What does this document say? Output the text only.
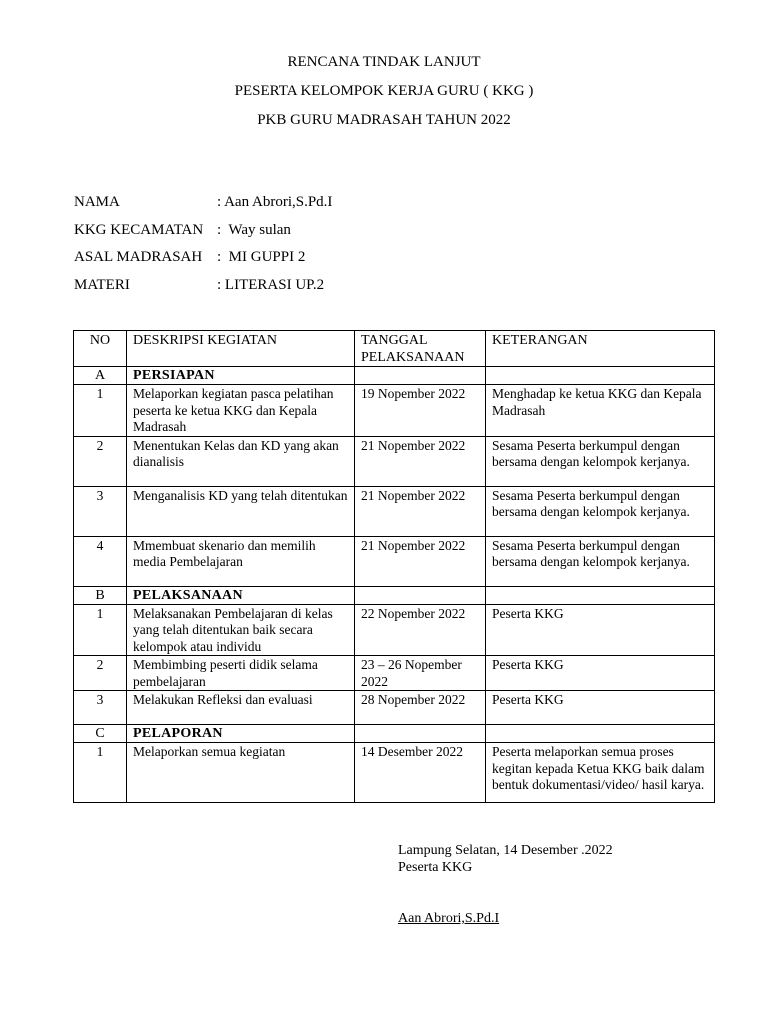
RENCANA TINDAK LANJUT
PESERTA KELOMPOK KERJA GURU ( KKG )
PKB GURU MADRASAH TAHUN 2022
NAMA	: Aan Abrori,S.Pd.I
KKG KECAMATAN :  Way sulan
ASAL MADRASAH :  MI GUPPI 2
MATERI	: LITERASI UP.2
NO	DESKRIPSI KEGIATAN	TANGGAL PELAKSANAAN	KETERANGAN
A	PERSIAPAN		
1	Melaporkan kegiatan pasca pelatihan peserta ke ketua KKG dan Kepala Madrasah	19 Nopember 2022	Menghadap ke ketua KKG dan Kepala Madrasah
2	Menentukan Kelas dan KD yang akan dianalisis	21 Nopember 2022	Sesama Peserta berkumpul dengan bersama dengan kelompok kerjanya.
3	Menganalisis KD yang telah ditentukan	21 Nopember 2022	Sesama Peserta berkumpul dengan bersama dengan kelompok kerjanya.
4	Mmembuat skenario dan memilih media Pembelajaran	21 Nopember 2022	Sesama Peserta berkumpul dengan bersama dengan kelompok kerjanya.
B	PELAKSANAAN		
1	Melaksanakan Pembelajaran di kelas yang telah ditentukan baik secara kelompok atau individu	22 Nopember 2022	Peserta KKG
2	Membimbing peserti didik selama pembelajaran	23 – 26 Nopember 2022	Peserta KKG
3	Melakukan Refleksi dan evaluasi	28 Nopember 2022	Peserta KKG
C	PELAPORAN		
1	Melaporkan semua kegiatan	14 Desember 2022	Peserta melaporkan semua proses kegitan kepada Ketua KKG baik dalam bentuk dokumentasi/video/ hasil karya.
Lampung Selatan, 14 Desember .2022
Peserta KKG
Aan Abrori,S.Pd.I
